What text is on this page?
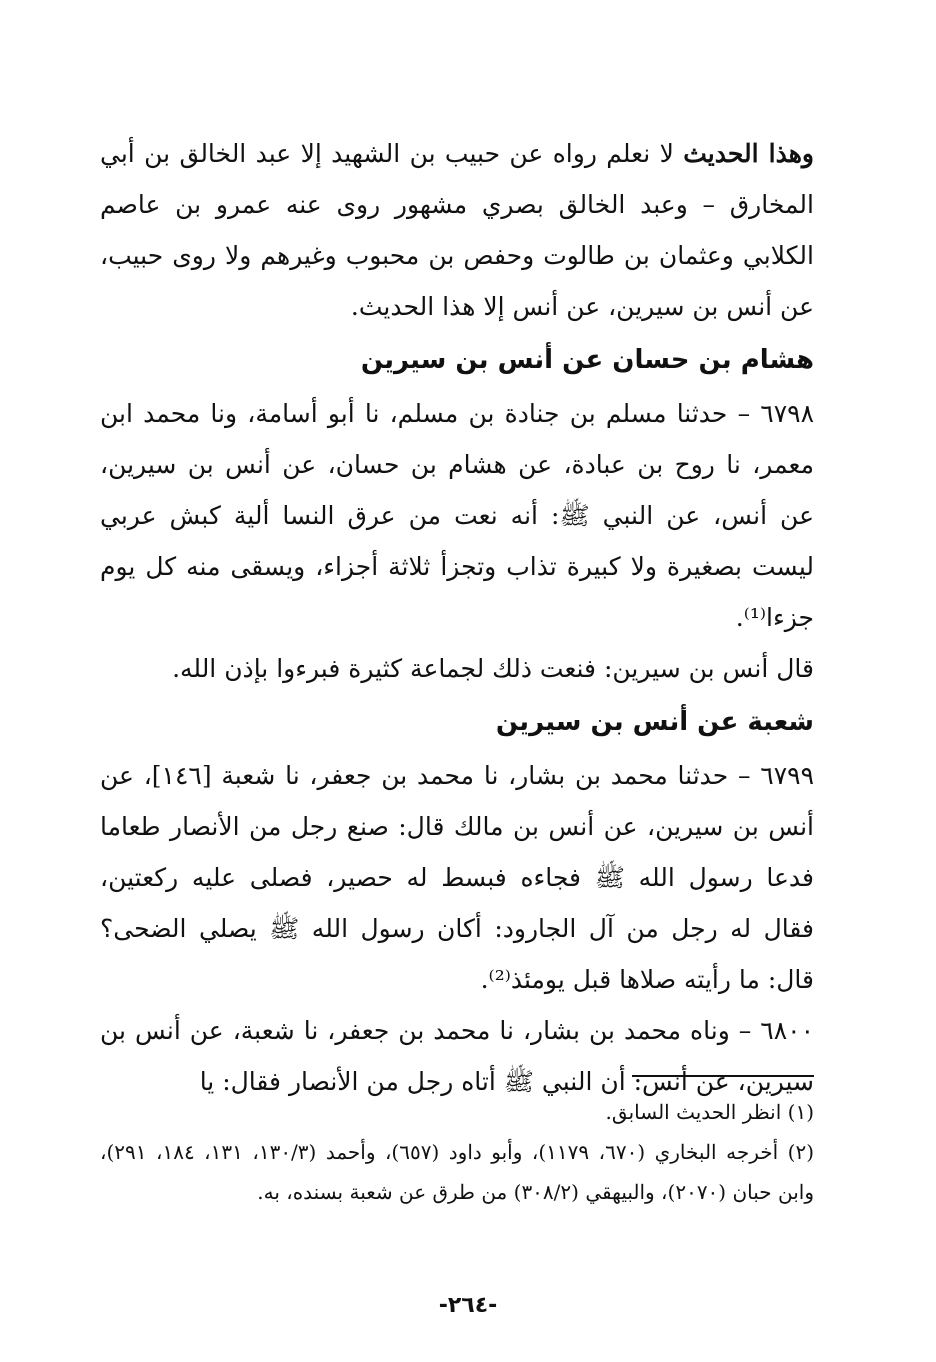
وهذا الحديث لا نعلم رواه عن حبيب بن الشهيد إلا عبد الخالق بن أبي المخارق – وعبد الخالق بصري مشهور روى عنه عمرو بن عاصم الكلابي وعثمان بن طالوت وحفص بن محبوب وغيرهم ولا روى حبيب، عن أنس بن سيرين، عن أنس إلا هذا الحديث.

هشام بن حسان عن أنس بن سيرين

٦٧٩٨ – حدثنا مسلم بن جنادة بن مسلم، نا أبو أسامة، ونا محمد ابن معمر، نا روح بن عبادة، عن هشام بن حسان، عن أنس بن سيرين، عن أنس، عن النبي ﷺ: أنه نعت من عرق النسا ألية كبش عربي ليست بصغيرة ولا كبيرة تذاب وتجزأ ثلاثة أجزاء، ويسقى منه كل يوم جزءا⁽¹⁾.

قال أنس بن سيرين: فنعت ذلك لجماعة كثيرة فبرءوا بإذن الله.

شعبة عن أنس بن سيرين

٦٧٩٩ – حدثنا محمد بن بشار، نا محمد بن جعفر، نا شعبة [١٤٦]، عن أنس بن سيرين، عن أنس بن مالك قال: صنع رجل من الأنصار طعاما فدعا رسول الله ﷺ فجاءه فبسط له حصير، فصلى عليه ركعتين، فقال له رجل من آل الجارود: أكان رسول الله ﷺ يصلي الضحى؟ قال: ما رأيته صلاها قبل يومئذ⁽²⁾.

٦٨٠٠ – وناه محمد بن بشار، نا محمد بن جعفر، نا شعبة، عن أنس بن سيرين، عن أنس: أن النبي ﷺ أتاه رجل من الأنصار فقال: يا

(١) انظر الحديث السابق.

(٢) أخرجه البخاري (٦٧٠، ١١٧٩)، وأبو داود (٦٥٧)، وأحمد (١٣٠/٣، ١٣١، ١٨٤، ٢٩١)، وابن حبان (٢٠٧٠)، والبيهقي (٣٠٨/٢) من طرق عن شعبة بسنده، به.

-٢٦٤-
